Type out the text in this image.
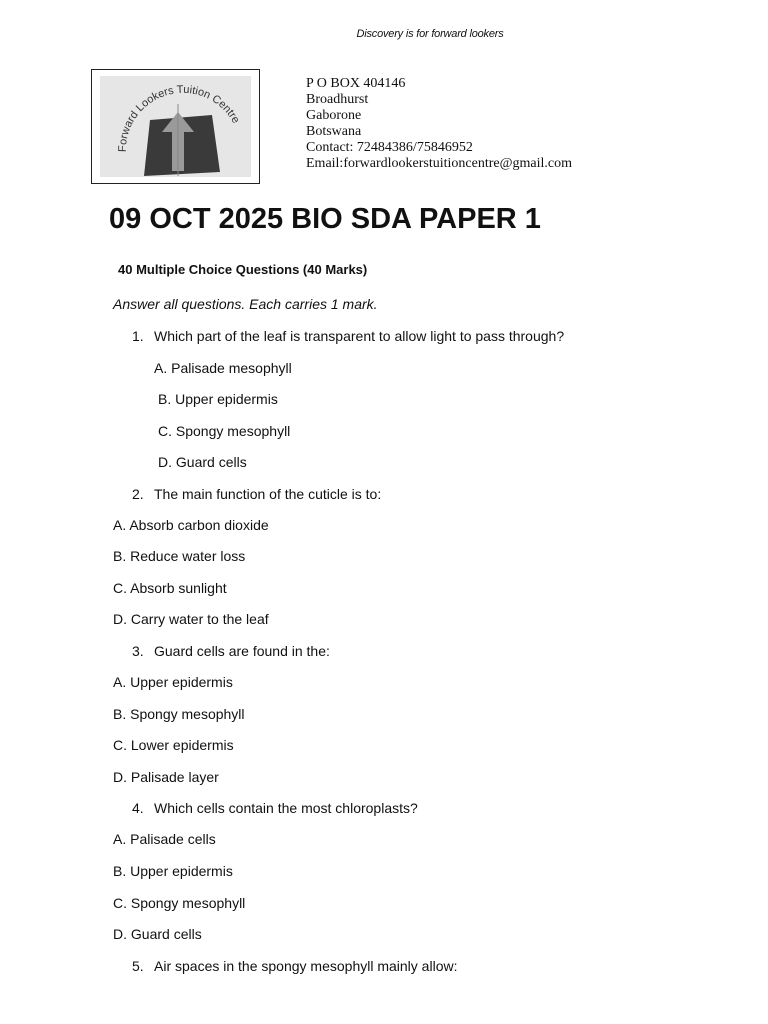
Discovery is for forward lookers
Forward Lookers Tuition Centre
P O BOX 404146
Broadhurst
Gaborone
Botswana
Contact: 72484386/75846952
Email:forwardlookerstuitioncentre@gmail.com
09 OCT 2025 BIO SDA PAPER 1
40 Multiple Choice Questions (40 Marks)
Answer all questions. Each carries 1 mark.
1. Which part of the leaf is transparent to allow light to pass through?
A. Palisade mesophyll
B. Upper epidermis
C. Spongy mesophyll
D. Guard cells
2. The main function of the cuticle is to:
A. Absorb carbon dioxide
B. Reduce water loss
C. Absorb sunlight
D. Carry water to the leaf
3. Guard cells are found in the:
A. Upper epidermis
B. Spongy mesophyll
C. Lower epidermis
D. Palisade layer
4. Which cells contain the most chloroplasts?
A. Palisade cells
B. Upper epidermis
C. Spongy mesophyll
D. Guard cells
5. Air spaces in the spongy mesophyll mainly allow:
